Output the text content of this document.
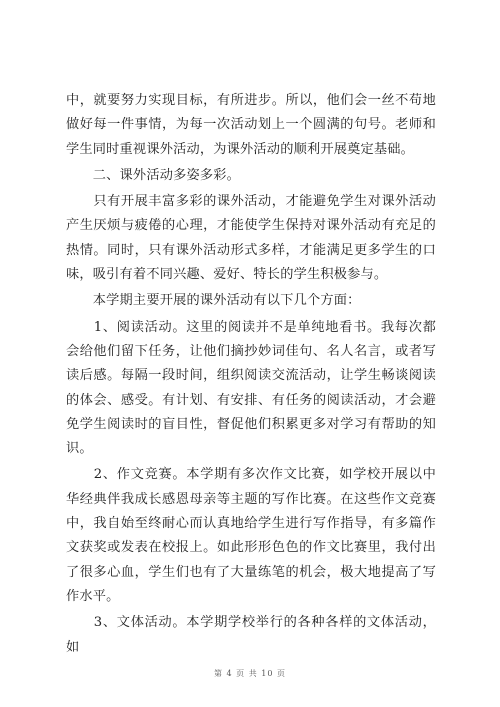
中，就要努力实现目标，有所进步。所以，他们会一丝不苟地做好每一件事情，为每一次活动划上一个圆满的句号。老师和学生同时重视课外活动，为课外活动的顺利开展奠定基础。

　　二、课外活动多姿多彩。

　　只有开展丰富多彩的课外活动，才能避免学生对课外活动产生厌烦与疲倦的心理，才能使学生保持对课外活动有充足的热情。同时，只有课外活动形式多样，才能满足更多学生的口味，吸引有着不同兴趣、爱好、特长的学生积极参与。

　　本学期主要开展的课外活动有以下几个方面：

　　1、阅读活动。这里的阅读并不是单纯地看书。我每次都会给他们留下任务，让他们摘抄妙词佳句、名人名言，或者写读后感。每隔一段时间，组织阅读交流活动，让学生畅谈阅读的体会、感受。有计划、有安排、有任务的阅读活动，才会避免学生阅读时的盲目性，督促他们积累更多对学习有帮助的知识。

　　2、作文竞赛。本学期有多次作文比赛，如学校开展以中华经典伴我成长感恩母亲等主题的写作比赛。在这些作文竞赛中，我自始至终耐心而认真地给学生进行写作指导，有多篇作文获奖或发表在校报上。如此形形色色的作文比赛里，我付出了很多心血，学生们也有了大量练笔的机会，极大地提高了写作水平。

　　3、文体活动。本学期学校举行的各种各样的文体活动，如

第 4 页 共 10 页
